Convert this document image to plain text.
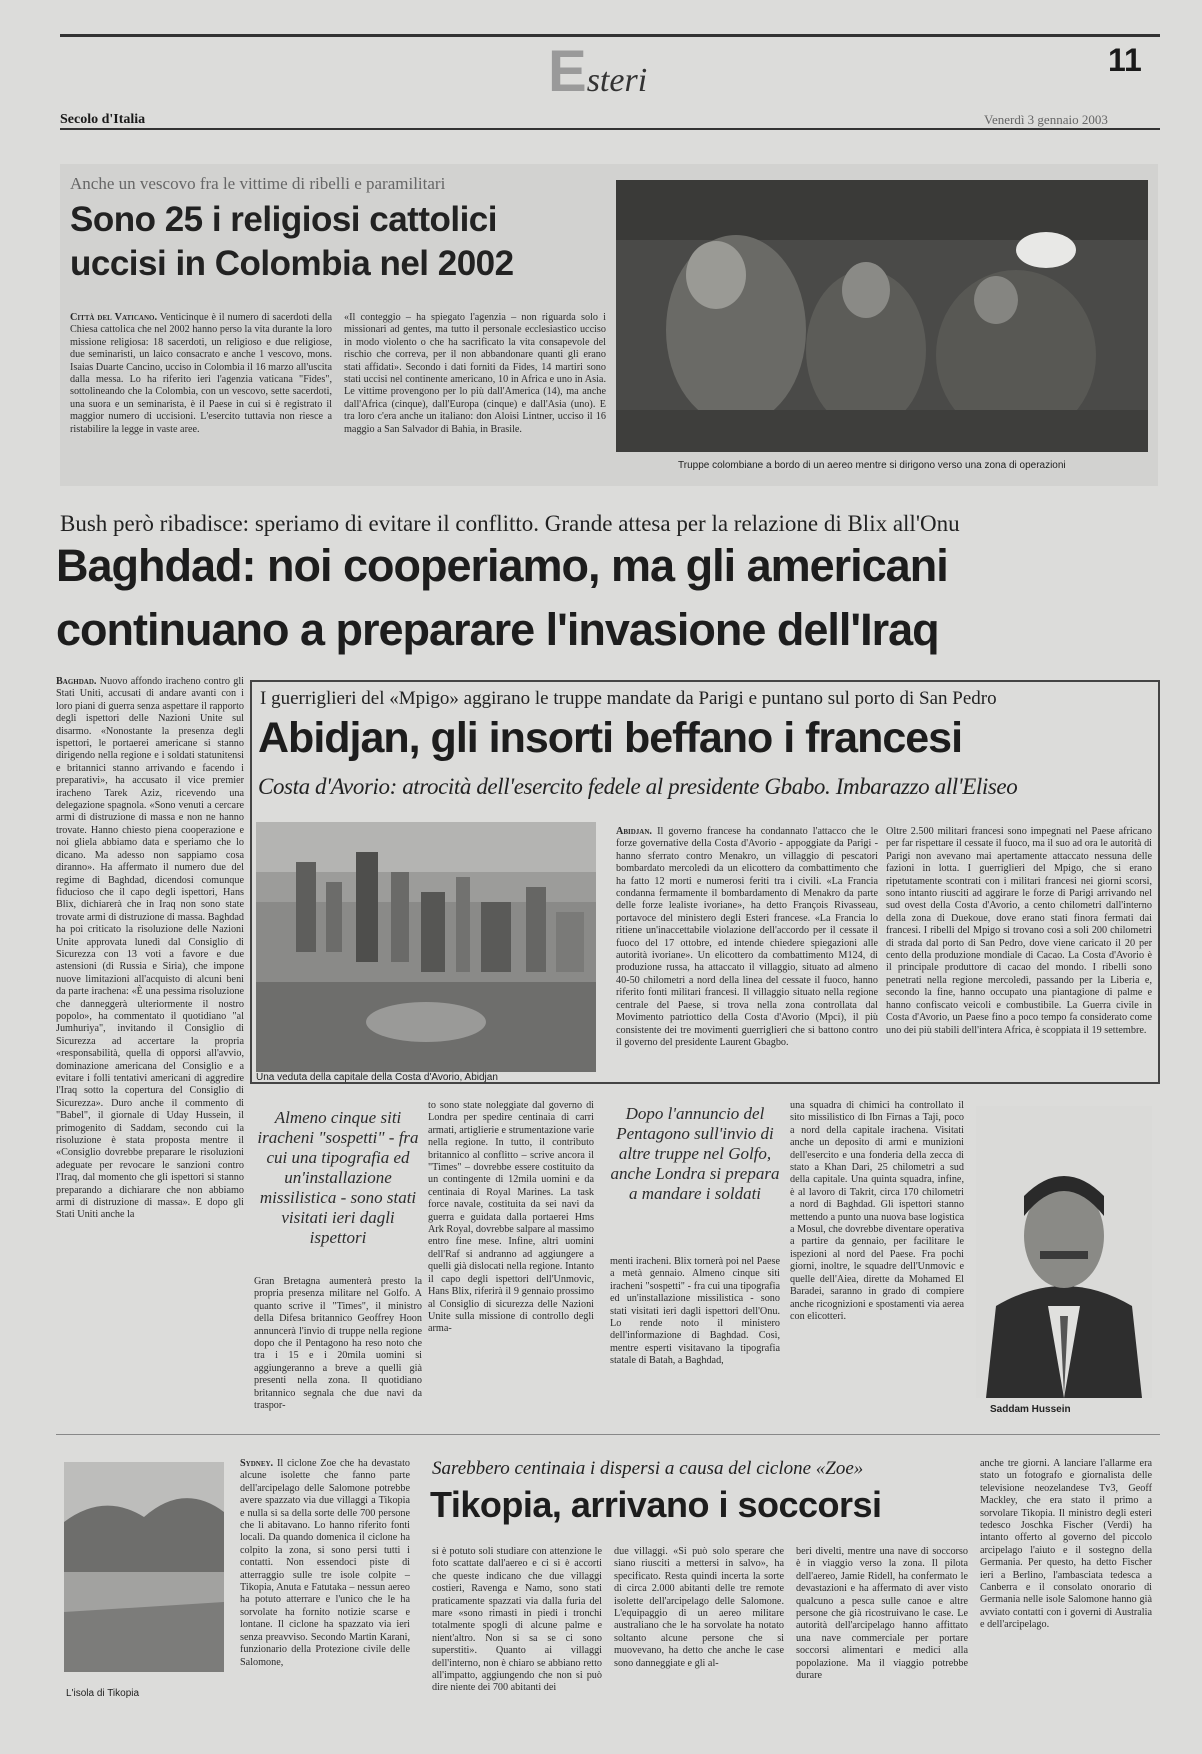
Esteri
11
Secolo d'Italia	Venerdì 3 gennaio 2003
Anche un vescovo fra le vittime di ribelli e paramilitari
Sono 25 i religiosi cattolici
uccisi in Colombia nel 2002
Città del Vaticano. Venticinque è il numero di sacerdoti della Chiesa cattolica che nel 2002 hanno perso la vita durante la loro missione religiosa: 18 sacerdoti, un religioso e due religiose, due seminaristi, un laico consacrato e anche 1 vescovo, mons. Isaias Duarte Cancino, ucciso in Colombia il 16 marzo all'uscita dalla messa. Lo ha riferito ieri l'agenzia vaticana "Fides", sottolineando che la Colombia, con un vescovo, sette sacerdoti, una suora e un seminarista, è il Paese in cui si è registrato il maggior numero di uccisioni. L'esercito tuttavia non riesce a ristabilire la legge in vaste aree.
«Il conteggio – ha spiegato l'agenzia – non riguarda solo i missionari ad gentes, ma tutto il personale ecclesiastico ucciso in modo violento o che ha sacrificato la vita consapevole del rischio che correva, per il non abbandonare quanti gli erano stati affidati». Secondo i dati forniti da Fides, 14 martiri sono stati uccisi nel continente americano, 10 in Africa e uno in Asia. Le vittime provengono per lo più dall'America (14), ma anche dall'Africa (cinque), dall'Europa (cinque) e dall'Asia (uno). E tra loro c'era anche un italiano: don Aloisi Lintner, ucciso il 16 maggio a San Salvador di Bahia, in Brasile.
Truppe colombiane a bordo di un aereo mentre si dirigono verso una zona di operazioni
Bush però ribadisce: speriamo di evitare il conflitto. Grande attesa per la relazione di Blix all'Onu
Baghdad: noi cooperiamo, ma gli americani
continuano a preparare l'invasione dell'Iraq
Baghdad. Nuovo affondo iracheno contro gli Stati Uniti, accusati di andare avanti con i loro piani di guerra senza aspettare il rapporto degli ispettori delle Nazioni Unite sul disarmo. «Nonostante la presenza degli ispettori, le portaerei americane si stanno dirigendo nella regione e i soldati statunitensi e britannici stanno arrivando e facendo i preparativi», ha accusato il vice premier iracheno Tarek Aziz, ricevendo una delegazione spagnola. «Sono venuti a cercare armi di distruzione di massa e non ne hanno trovate. Hanno chiesto piena cooperazione e noi gliela abbiamo data e speriamo che lo dicano. Ma adesso non sappiamo cosa diranno». Ha affermato il numero due del regime di Baghdad, dicendosi comunque fiducioso che il capo degli ispettori, Hans Blix, dichiarerà che in Iraq non sono state trovate armi di distruzione di massa. Baghdad ha poi criticato la risoluzione delle Nazioni Unite approvata lunedì dal Consiglio di Sicurezza con 13 voti a favore e due astensioni (di Russia e Siria), che impone nuove limitazioni all'acquisto di alcuni beni da parte irachena: «È una pessima risoluzione che danneggerà ulteriormente il nostro popolo», ha commentato il quotidiano "al Jumhuriya", invitando il Consiglio di Sicurezza ad accertare la propria «responsabilità, quella di opporsi all'avvio, dominazione americana del Consiglio e a evitare i folli tentativi americani di aggredire l'Iraq sotto la copertura del Consiglio di Sicurezza». Duro anche il commento di "Babel", il giornale di Uday Hussein, il primogenito di Saddam, secondo cui la risoluzione è stata proposta mentre il «Consiglio dovrebbe preparare le risoluzioni adeguate per revocare le sanzioni contro l'Iraq, dal momento che gli ispettori si stanno preparando a dichiarare che non abbiamo armi di distruzione di massa». E dopo gli Stati Uniti anche la
I guerriglieri del «Mpigo» aggirano le truppe mandate da Parigi e puntano sul porto di San Pedro
Abidjan, gli insorti beffano i francesi
Costa d'Avorio: atrocità dell'esercito fedele al presidente Gbabo. Imbarazzo all'Eliseo
Una veduta della capitale della Costa d'Avorio, Abidjan
Abidjan. Il governo francese ha condannato l'attacco che le forze governative della Costa d'Avorio - appoggiate da Parigi - hanno sferrato contro Menakro, un villaggio di pescatori bombardato mercoledì da un elicottero da combattimento che ha fatto 12 morti e numerosi feriti tra i civili. «La Francia condanna fermamente il bombardamento di Menakro da parte delle forze lealiste ivoriane», ha detto François Rivasseau, portavoce del ministero degli Esteri francese. «La Francia lo ritiene un'inaccettabile violazione dell'accordo per il cessate il fuoco del 17 ottobre, ed intende chiedere spiegazioni alle autorità ivoriane». Un elicottero da combattimento M124, di produzione russa, ha attaccato il villaggio, situato ad almeno 40-50 chilometri a nord della linea del cessate il fuoco, hanno riferito fonti militari francesi. Il villaggio situato nella regione centrale del Paese, si trova nella zona controllata dal Movimento patriottico della Costa d'Avorio (Mpci), il più consistente dei tre movimenti guerriglieri che si battono contro il governo del presidente Laurent Gbagbo.
Oltre 2.500 militari francesi sono impegnati nel Paese africano per far rispettare il cessate il fuoco, ma il suo ad ora le autorità di Parigi non avevano mai apertamente attaccato nessuna delle fazioni in lotta. I guerriglieri del Mpigo, che si erano ripetutamente scontrati con i militari francesi nei giorni scorsi, sono intanto riusciti ad aggirare le forze di Parigi arrivando nel sud ovest della Costa d'Avorio, a cento chilometri dall'interno della zona di Duekoue, dove erano stati finora fermati dai francesi. I ribelli del Mpigo si trovano così a soli 200 chilometri di strada dal porto di San Pedro, dove viene caricato il 20 per cento della produzione mondiale di Cacao. La Costa d'Avorio è il principale produttore di cacao del mondo. I ribelli sono penetrati nella regione mercoledì, passando per la Liberia e, secondo la fine, hanno occupato una piantagione di palme e hanno confiscato veicoli e combustibile. La Guerra civile in Costa d'Avorio, un Paese fino a poco tempo fa considerato come uno dei più stabili dell'intera Africa, è scoppiata il 19 settembre.
Almeno cinque siti iracheni "sospetti" - fra cui una tipografia ed un'installazione missilistica - sono stati visitati ieri dagli ispettori
Gran Bretagna aumenterà presto la propria presenza militare nel Golfo. A quanto scrive il "Times", il ministro della Difesa britannico Geoffrey Hoon annuncerà l'invio di truppe nella regione dopo che il Pentagono ha reso noto che tra i 15 e i 20mila uomini si aggiungeranno a breve a quelli già presenti nella zona. Il quotidiano britannico segnala che due navi da traspor-
to sono state noleggiate dal governo di Londra per spedire centinaia di carri armati, artiglierie e strumentazione varie nella regione. In tutto, il contributo britannico al conflitto – scrive ancora il "Times" – dovrebbe essere costituito da un contingente di 12mila uomini e da centinaia di Royal Marines. La task force navale, costituita da sei navi da guerra e guidata dalla portaerei Hms Ark Royal, dovrebbe salpare al massimo entro fine mese. Infine, altri uomini dell'Raf si andranno ad aggiungere a quelli già dislocati nella regione. Intanto il capo degli ispettori dell'Unmovic, Hans Blix, riferirà il 9 gennaio prossimo al Consiglio di sicurezza delle Nazioni Unite sulla missione di controllo degli arma-
Dopo l'annuncio del Pentagono sull'invio di altre truppe nel Golfo, anche Londra si prepara a mandare i soldati
menti iracheni. Blix tornerà poi nel Paese a metà gennaio. Almeno cinque siti iracheni "sospetti" - fra cui una tipografia ed un'installazione missilistica - sono stati visitati ieri dagli ispettori dell'Onu. Lo rende noto il ministero dell'informazione di Baghdad. Così, mentre esperti visitavano la tipografia statale di Batah, a Baghdad,
una squadra di chimici ha controllato il sito missilistico di Ibn Firnas a Taji, poco a nord della capitale irachena. Visitati anche un deposito di armi e munizioni dell'esercito e una fonderia della zecca di stato a Khan Dari, 25 chilometri a sud della capitale. Una quinta squadra, infine, è al lavoro di Takrit, circa 170 chilometri a nord di Baghdad. Gli ispettori stanno mettendo a punto una nuova base logistica a Mosul, che dovrebbe diventare operativa a partire da gennaio, per facilitare le ispezioni al nord del Paese. Fra pochi giorni, inoltre, le squadre dell'Unmovic e quelle dell'Aiea, dirette da Mohamed El Baradei, saranno in grado di compiere anche ricognizioni e spostamenti via aerea con elicotteri.
Saddam Hussein
L'isola di Tikopia
Sydney. Il ciclone Zoe che ha devastato alcune isolette che fanno parte dell'arcipelago delle Salomone potrebbe avere spazzato via due villaggi a Tikopia e nulla si sa della sorte delle 700 persone che li abitavano. Lo hanno riferito fonti locali. Da quando domenica il ciclone ha colpito la zona, si sono persi tutti i contatti. Non essendoci piste di atterraggio sulle tre isole colpite – Tikopia, Anuta e Fatutaka – nessun aereo ha potuto atterrare e l'unico che le ha sorvolate ha fornito notizie scarse e lontane. Il ciclone ha spazzato via ieri senza preavviso. Secondo Martin Karani, funzionario della Protezione civile delle Salomone,
Sarebbero centinaia i dispersi a causa del ciclone «Zoe»
Tikopia, arrivano i soccorsi
si è potuto soli studiare con attenzione le foto scattate dall'aereo e ci si è accorti che queste indicano che due villaggi costieri, Ravenga e Namo, sono stati praticamente spazzati via dalla furia del mare «sono rimasti in piedi i tronchi totalmente spogli di alcune palme e nient'altro. Non si sa se ci sono superstiti». Quanto ai villaggi dell'interno, non è chiaro se abbiano retto all'impatto, aggiungendo che non si può dire niente dei 700 abitanti dei
due villaggi. «Si può solo sperare che siano riusciti a mettersi in salvo», ha specificato. Resta quindi incerta la sorte di circa 2.000 abitanti delle tre remote isolette dell'arcipelago delle Salomone. L'equipaggio di un aereo militare australiano che le ha sorvolate ha notato soltanto alcune persone che si muovevano, ha detto che anche le case sono danneggiate e gli al-
beri divelti, mentre una nave di soccorso è in viaggio verso la zona. Il pilota dell'aereo, Jamie Ridell, ha confermato le devastazioni e ha affermato di aver visto qualcuno a pesca sulle canoe e altre persone che già ricostruivano le case. Le autorità dell'arcipelago hanno affittato una nave commerciale per portare soccorsi alimentari e medici alla popolazione. Ma il viaggio potrebbe durare
anche tre giorni. A lanciare l'allarme era stato un fotografo e giornalista delle televisione neozelandese Tv3, Geoff Mackley, che era stato il primo a sorvolare Tikopia. Il ministro degli esteri tedesco Joschka Fischer (Verdi) ha intanto offerto al governo del piccolo arcipelago l'aiuto e il sostegno della Germania. Per questo, ha detto Fischer ieri a Berlino, l'ambasciata tedesca a Canberra e il consolato onorario di Germania nelle isole Salomone hanno già avviato contatti con i governi di Australia e dell'arcipelago.
